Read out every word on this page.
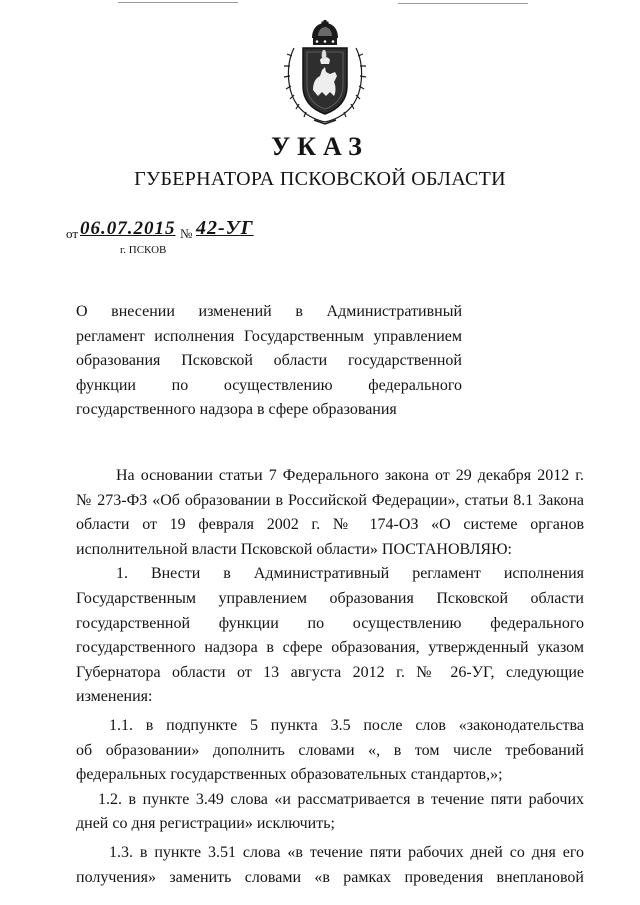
УКАЗ
ГУБЕРНАТОРА ПСКОВСКОЙ ОБЛАСТИ
от 06.07.2015 № 42-УГ
г. ПСКОВ
О внесении изменений в Административный
регламент исполнения Государственным управлением
образования Псковской области государственной
функции по осуществлению федерального
государственного надзора в сфере образования
На основании статьи 7 Федерального закона от 29 декабря 2012 г.
№ 273-ФЗ «Об образовании в Российской Федерации», статьи 8.1 Закона
области от 19 февраля 2002 г. № 174-ОЗ «О системе органов
исполнительной власти Псковской области» ПОСТАНОВЛЯЮ:
1. Внести в Административный регламент исполнения
Государственным управлением образования Псковской области
государственной функции по осуществлению федерального
государственного надзора в сфере образования, утвержденный указом
Губернатора области от 13 августа 2012 г. № 26-УГ, следующие
изменения:
1.1. в подпункте 5 пункта 3.5 после слов «законодательства
об образовании» дополнить словами «, в том числе требований
федеральных государственных образовательных стандартов,»;
1.2. в пункте 3.49 слова «и рассматривается в течение пяти рабочих
дней со дня регистрации» исключить;
1.3. в пункте 3.51 слова «в течение пяти рабочих дней со дня его
получения» заменить словами «в рамках проведения внеплановой
